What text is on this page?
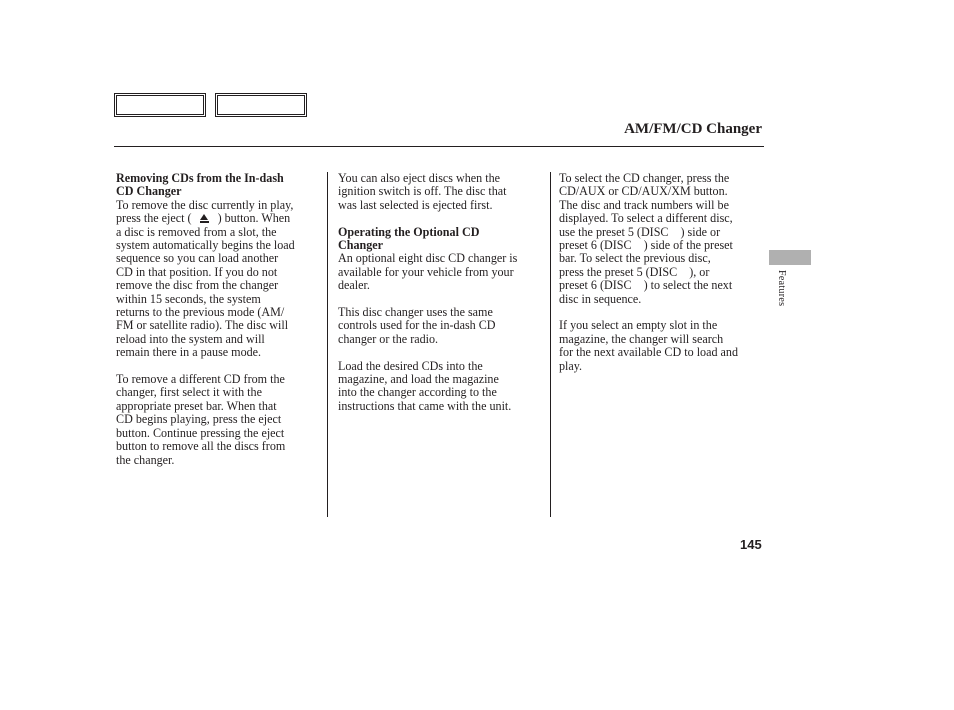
AM/FM/CD Changer
Removing CDs from the In-dash
CD Changer
To remove the disc currently in play,
press the eject ( ) button. When
a disc is removed from a slot, the
system automatically begins the load
sequence so you can load another
CD in that position. If you do not
remove the disc from the changer
within 15 seconds, the system
returns to the previous mode (AM/
FM or satellite radio). The disc will
reload into the system and will
remain there in a pause mode.
To remove a different CD from the
changer, first select it with the
appropriate preset bar. When that
CD begins playing, press the eject
button. Continue pressing the eject
button to remove all the discs from
the changer.
You can also eject discs when the
ignition switch is off. The disc that
was last selected is ejected first.
Operating the Optional CD
Changer
An optional eight disc CD changer is
available for your vehicle from your
dealer.
This disc changer uses the same
controls used for the in-dash CD
changer or the radio.
Load the desired CDs into the
magazine, and load the magazine
into the changer according to the
instructions that came with the unit.
To select the CD changer, press the
CD/AUX or CD/AUX/XM button.
The disc and track numbers will be
displayed. To select a different disc,
use the preset 5 (DISC ) side or
preset 6 (DISC ) side of the preset
bar. To select the previous disc,
press the preset 5 (DISC ), or
preset 6 (DISC ) to select the next
disc in sequence.
If you select an empty slot in the
magazine, the changer will search
for the next available CD to load and
play.
Features
145
